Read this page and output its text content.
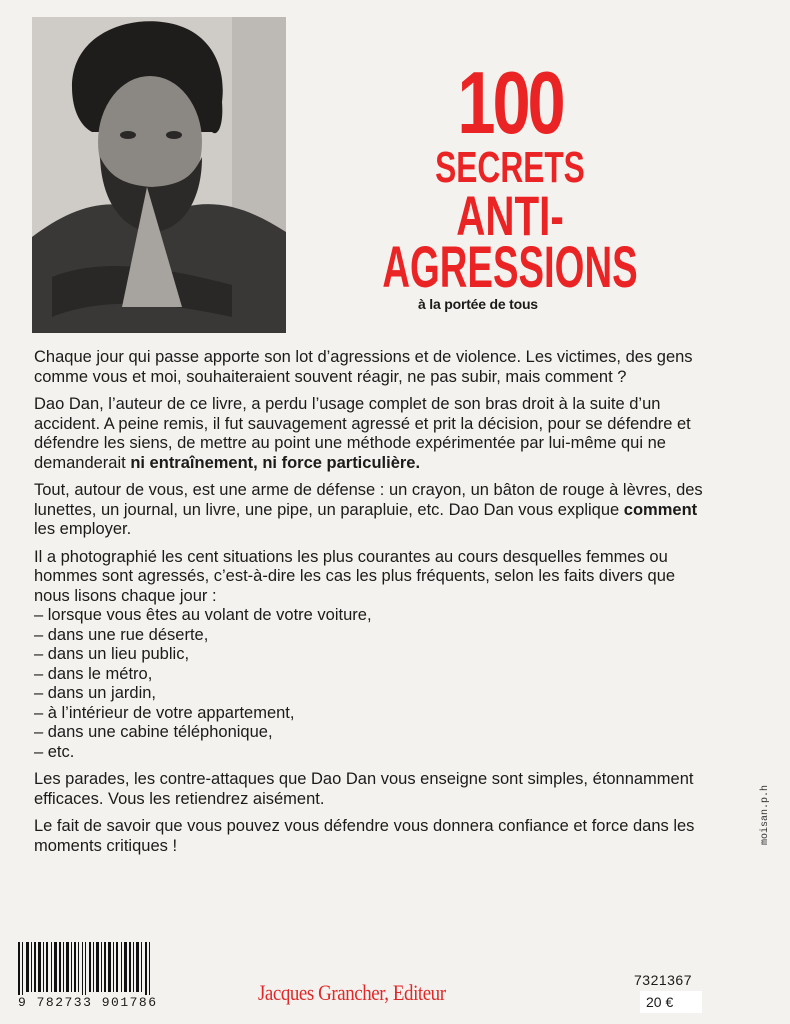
100
SECRETS
ANTI-
AGRESSIONS
à la portée de tous

Chaque jour qui passe apporte son lot d’agressions et de violence. Les victimes, des gens comme vous et moi, souhaiteraient souvent réagir, ne pas subir, mais comment ?

Dao Dan, l’auteur de ce livre, a perdu l’usage complet de son bras droit à la suite d’un accident. A peine remis, il fut sauvagement agressé et prit la décision, pour se défendre et défendre les siens, de mettre au point une méthode expérimentée par lui-même qui ne demanderait ni entraînement, ni force particulière.

Tout, autour de vous, est une arme de défense : un crayon, un bâton de rouge à lèvres, des lunettes, un journal, un livre, une pipe, un parapluie, etc. Dao Dan vous explique comment les employer.

Il a photographié les cent situations les plus courantes au cours desquelles femmes ou hommes sont agressés, c’est-à-dire les cas les plus fréquents, selon les faits divers que nous lisons chaque jour :

– lorsque vous êtes au volant de votre voiture,
– dans une rue déserte,
– dans un lieu public,
– dans le métro,
– dans un jardin,
– à l’intérieur de votre appartement,
– dans une cabine téléphonique,
– etc.

Les parades, les contre-attaques que Dao Dan vous enseigne sont simples, étonnamment efficaces. Vous les retiendrez aisément.

Le fait de savoir que vous pouvez vous défendre vous donnera confiance et force dans les moments critiques !

9 782733 901786	Jacques Grancher, Editeur	7321367
20 €
moisan.p.h
